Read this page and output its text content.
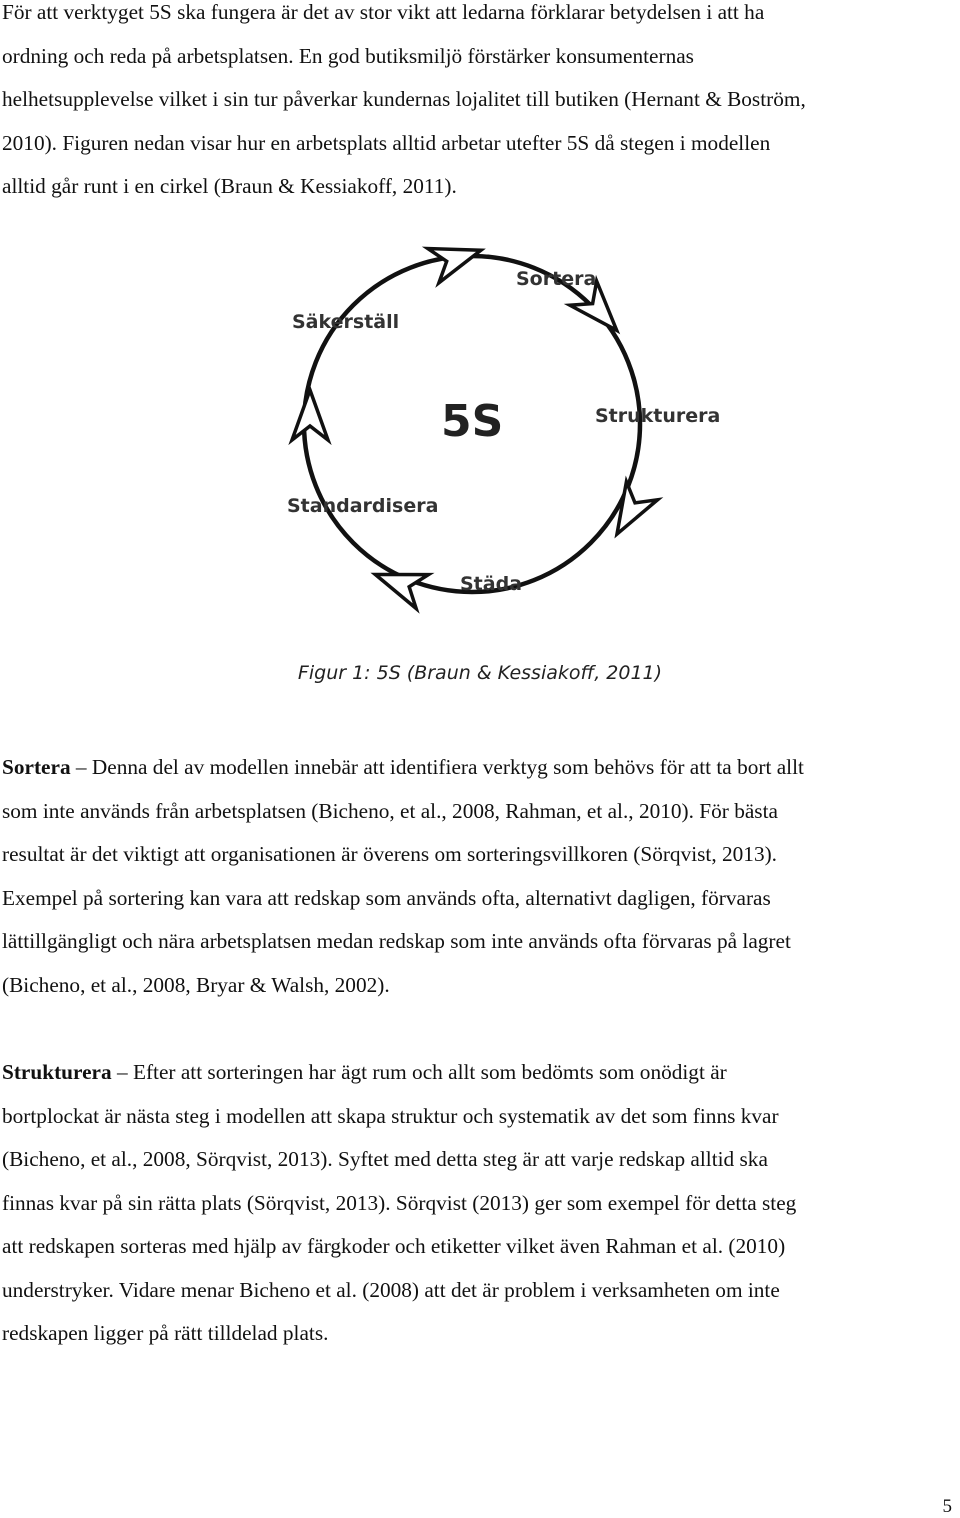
För att verktyget 5S ska fungera är det av stor vikt att ledarna förklarar betydelsen i att ha
ordning och reda på arbetsplatsen. En god butiksmiljö förstärker konsumenternas
helhetsupplevelse vilket i sin tur påverkar kundernas lojalitet till butiken (Hernant & Boström,
2010). Figuren nedan visar hur en arbetsplats alltid arbetar utefter 5S då stegen i modellen
alltid går runt i en cirkel (Braun & Kessiakoff, 2011).
Sortera
Strukturera
Städa
Standardisera
Säkerställ
5S
Figur 1: 5S (Braun & Kessiakoff, 2011)
Sortera – Denna del av modellen innebär att identifiera verktyg som behövs för att ta bort allt
som inte används från arbetsplatsen (Bicheno, et al., 2008, Rahman, et al., 2010). För bästa
resultat är det viktigt att organisationen är överens om sorteringsvillkoren (Sörqvist, 2013).
Exempel på sortering kan vara att redskap som används ofta, alternativt dagligen, förvaras
lättillgängligt och nära arbetsplatsen medan redskap som inte används ofta förvaras på lagret
(Bicheno, et al., 2008, Bryar & Walsh, 2002).
Strukturera – Efter att sorteringen har ägt rum och allt som bedömts som onödigt är
bortplockat är nästa steg i modellen att skapa struktur och systematik av det som finns kvar
(Bicheno, et al., 2008, Sörqvist, 2013). Syftet med detta steg är att varje redskap alltid ska
finnas kvar på sin rätta plats (Sörqvist, 2013). Sörqvist (2013) ger som exempel för detta steg
att redskapen sorteras med hjälp av färgkoder och etiketter vilket även Rahman et al. (2010)
understryker. Vidare menar Bicheno et al. (2008) att det är problem i verksamheten om inte
redskapen ligger på rätt tilldelad plats.
5
